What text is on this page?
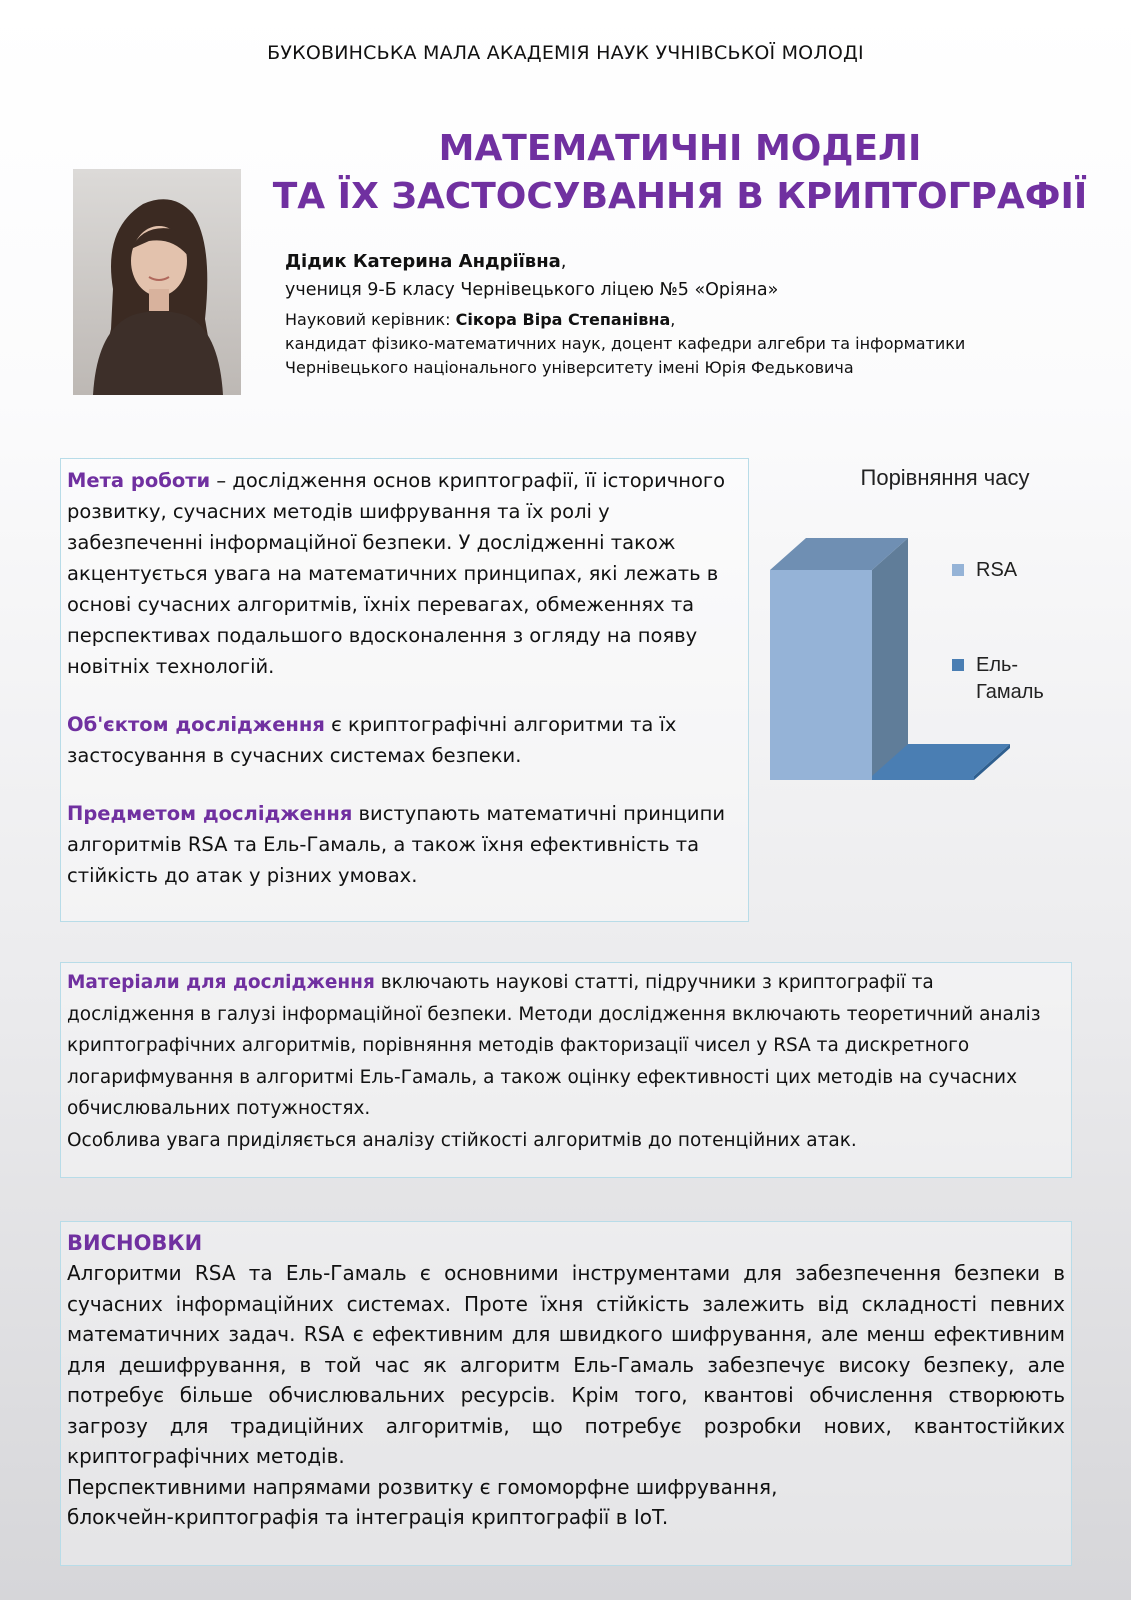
БУКОВИНСЬКА МАЛА АКАДЕМІЯ НАУК УЧНІВСЬКОЇ МОЛОДІ
МАТЕМАТИЧНІ МОДЕЛІ
ТА ЇХ ЗАСТОСУВАННЯ В КРИПТОГРАФІЇ
Дідик Катерина Андріївна,
учениця 9-Б класу Чернівецького ліцею №5 «Оріяна»
Науковий керівник: Сікора Віра Степанівна,
кандидат фізико-математичних наук, доцент кафедри алгебри та інформатики
Чернівецького національного університету імені Юрія Федьковича

Мета роботи – дослідження основ криптографії, її історичного розвитку, сучасних методів шифрування та їх ролі у забезпеченні інформаційної безпеки. У дослідженні також акцентується увага на математичних принципах, які лежать в основі сучасних алгоритмів, їхніх перевагах, обмеженнях та перспективах подальшого вдосконалення з огляду на появу новітніх технологій.

Об'єктом дослідження є криптографічні алгоритми та їх застосування в сучасних системах безпеки.

Предметом дослідження виступають математичні принципи алгоритмів RSA та Ель-Гамаль, а також їхня ефективність та стійкість до атак у різних умовах.

Порівняння часу
RSA
Ель-
Гамаль

Матеріали для дослідження включають наукові статті, підручники з криптографії та дослідження в галузі інформаційної безпеки. Методи дослідження включають теоретичний аналіз криптографічних алгоритмів, порівняння методів факторизації чисел у RSA та дискретного логарифмування в алгоритмі Ель-Гамаль, а також оцінку ефективності цих методів на сучасних обчислювальних потужностях.

Особлива увага приділяється аналізу стійкості алгоритмів до потенційних атак.

ВИСНОВКИ

Алгоритми RSA та Ель-Гамаль є основними інструментами для забезпечення безпеки в сучасних інформаційних системах. Проте їхня стійкість залежить від складності певних математичних задач. RSA є ефективним для швидкого шифрування, але менш ефективним для дешифрування, в той час як алгоритм Ель-Гамаль забезпечує високу безпеку, але потребує більше обчислювальних ресурсів. Крім того, квантові обчислення створюють загрозу для традиційних алгоритмів, що потребує розробки нових, квантостійких криптографічних методів.

Перспективними напрямами розвитку є гомоморфне шифрування,

блокчейн-криптографія та інтеграція криптографії в IoT.
